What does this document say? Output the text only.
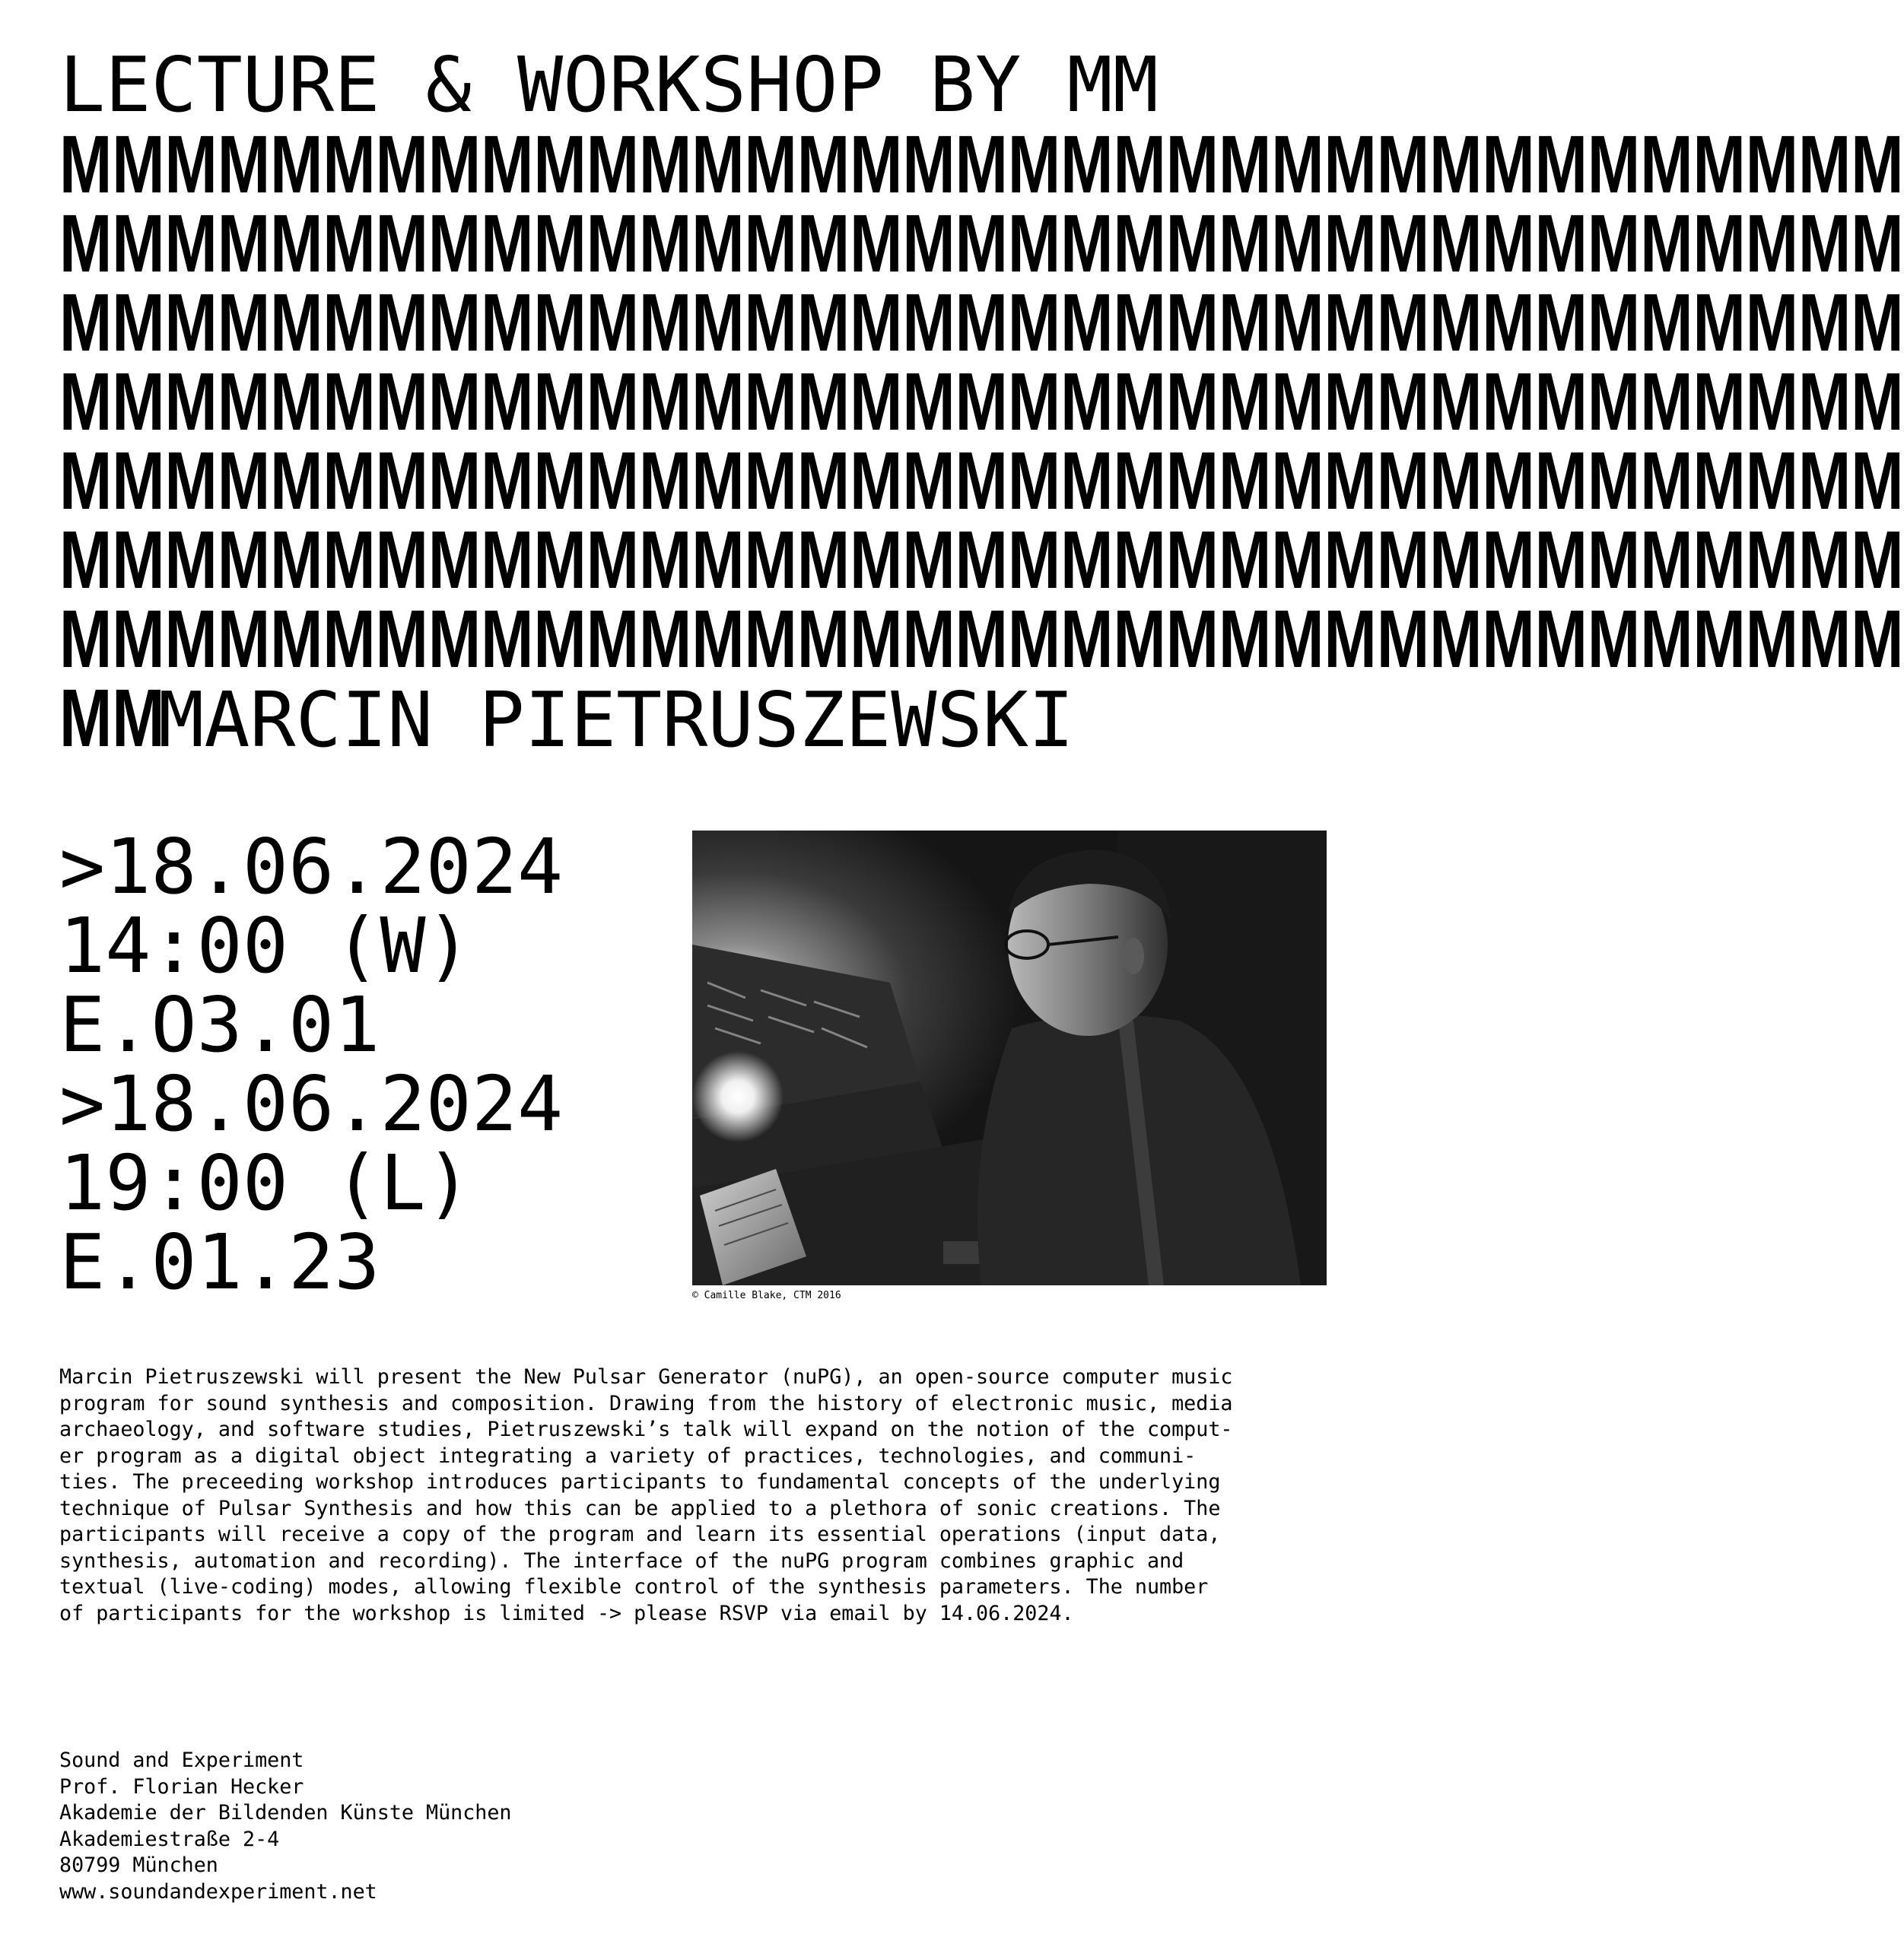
LECTURE & WORKSHOP BY MM
MMMMMMMMMMMMMMMMMMMMMMMMMMMMMMMMMMM
MMMMMMMMMMMMMMMMMMMMMMMMMMMMMMMMMMM
MMMMMMMMMMMMMMMMMMMMMMMMMMMMMMMMMMM
MMMMMMMMMMMMMMMMMMMMMMMMMMMMMMMMMMM
MMMMMMMMMMMMMMMMMMMMMMMMMMMMMMMMMMM
MMMMMMMMMMMMMMMMMMMMMMMMMMMMMMMMMMM
MMMMMMMMMMMMMMMMMMMMMMMMMMMMMMMMMMM
MMMARCIN PIETRUSZEWSKI
>18.06.2024
14:00 (W)
E.O3.01
>18.06.2024
19:00 (L)
E.01.23	© Camille Blake, CTM 2016
Marcin Pietruszewski will present the New Pulsar Generator (nuPG), an open-source computer music
program for sound synthesis and composition. Drawing from the history of electronic music, media
archaeology, and software studies, Pietruszewski’s talk will expand on the notion of the comput-
er program as a digital object integrating a variety of practices, technologies, and communi-
ties. The preceeding workshop introduces participants to fundamental concepts of the underlying
technique of Pulsar Synthesis and how this can be applied to a plethora of sonic creations. The
participants will receive a copy of the program and learn its essential operations (input data,
synthesis, automation and recording). The interface of the nuPG program combines graphic and
textual (live-coding) modes, allowing flexible control of the synthesis parameters. The number
of participants for the workshop is limited -> please RSVP via email by 14.06.2024.
Sound and Experiment
Prof. Florian Hecker
Akademie der Bildenden Künste München
Akademiestraße 2-4
80799 München
www.soundandexperiment.net
